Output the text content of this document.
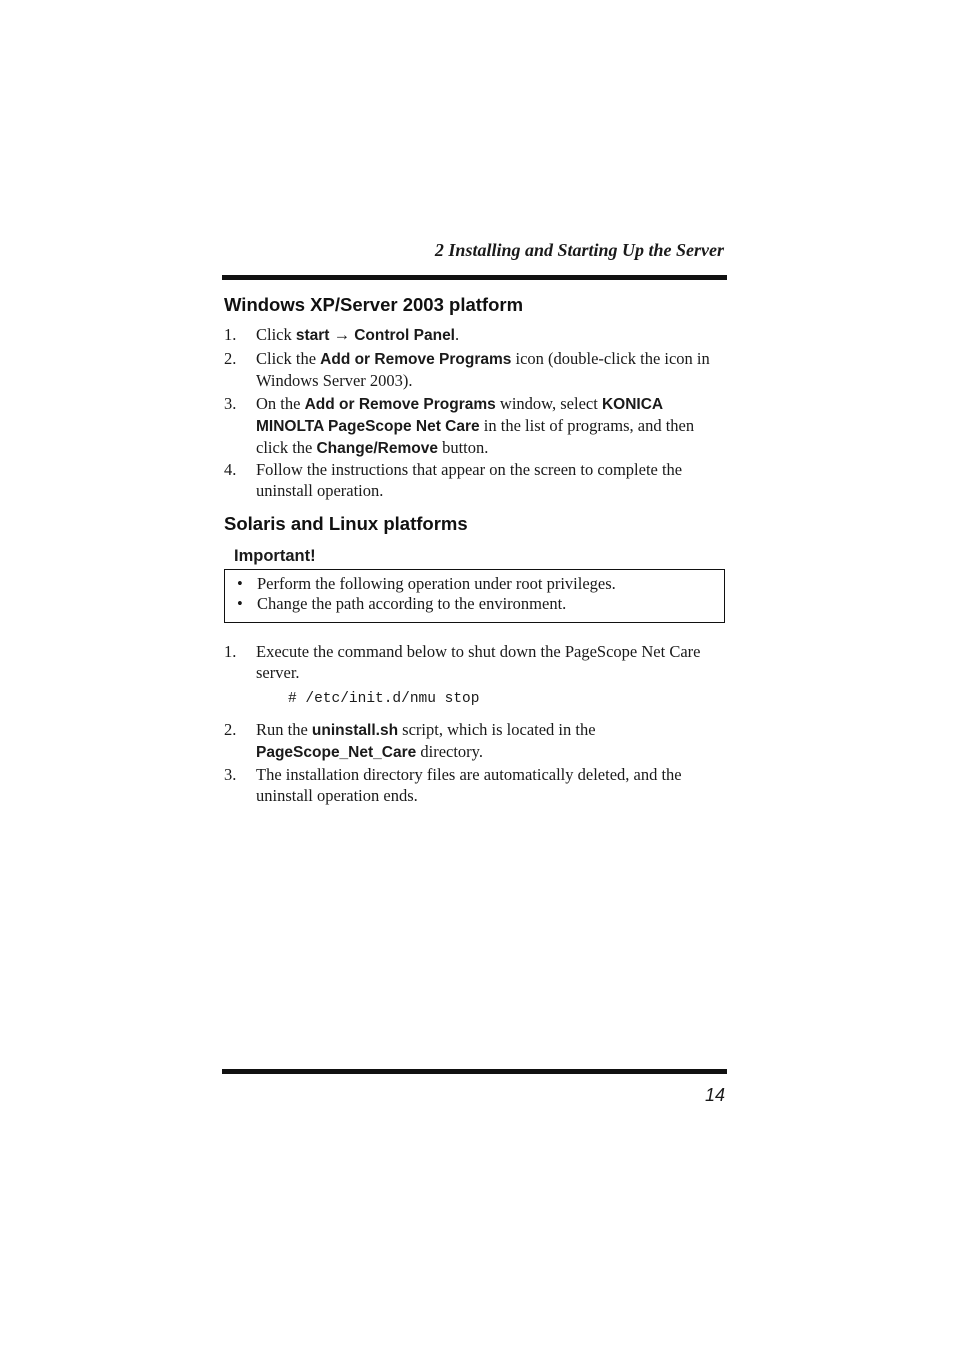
2 Installing and Starting Up the Server
Windows XP/Server 2003 platform
1.	Click start → Control Panel.
2.	Click the Add or Remove Programs icon (double-click the icon in Windows Server 2003).
3.	On the Add or Remove Programs window, select KONICA MINOLTA PageScope Net Care in the list of programs, and then click the Change/Remove button.
4.	Follow the instructions that appear on the screen to complete the uninstall operation.
Solaris and Linux platforms
Important!
• Perform the following operation under root privileges.
• Change the path according to the environment.
1.	Execute the command below to shut down the PageScope Net Care server.
# /etc/init.d/nmu stop
2.	Run the uninstall.sh script, which is located in the PageScope_Net_Care directory.
3.	The installation directory files are automatically deleted, and the uninstall operation ends.
14
